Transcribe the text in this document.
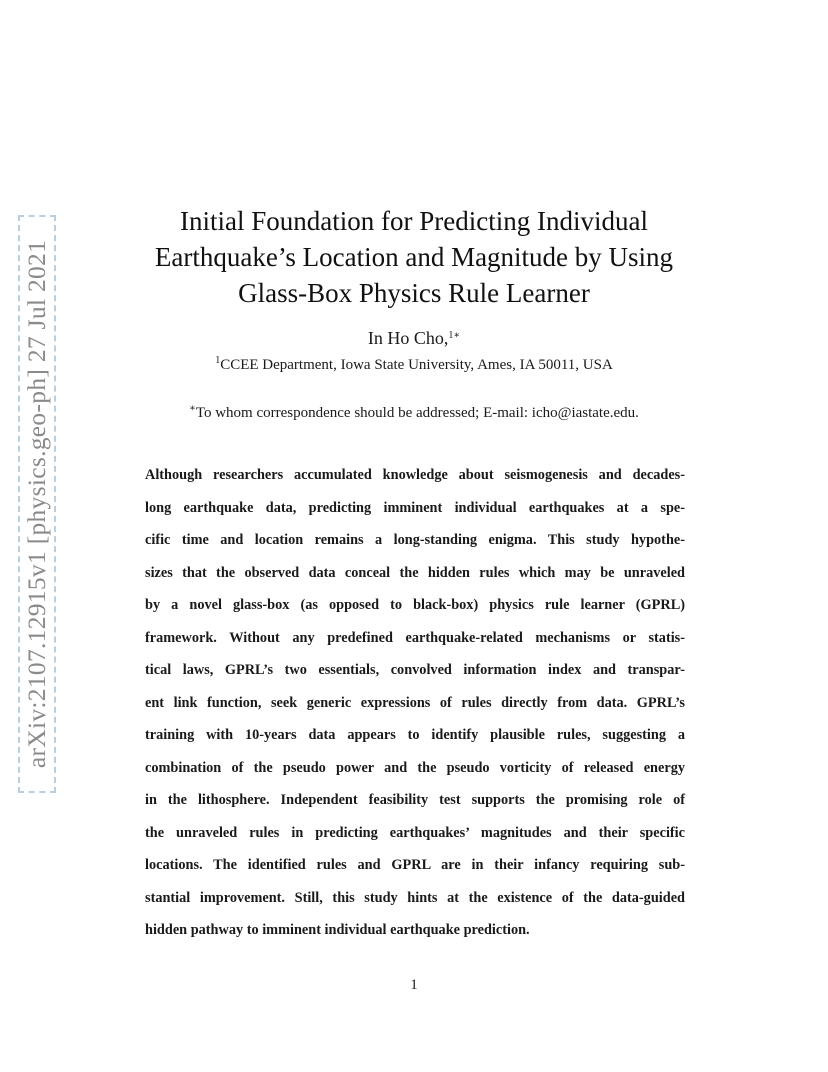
arXiv:2107.12915v1 [physics.geo-ph] 27 Jul 2021
Initial Foundation for Predicting Individual
Earthquake’s Location and Magnitude by Using
Glass-Box Physics Rule Learner
In Ho Cho,$^{1∗}$
$^1$CCEE Department, Iowa State University, Ames, IA 50011, USA
∗To whom correspondence should be addressed; E-mail: icho@iastate.edu.
Although researchers accumulated knowledge about seismogenesis and decades-
long earthquake data, predicting imminent individual earthquakes at a spe-
cific time and location remains a long-standing enigma. This study hypothe-
sizes that the observed data conceal the hidden rules which may be unraveled
by a novel glass-box (as opposed to black-box) physics rule learner (GPRL)
framework. Without any predefined earthquake-related mechanisms or statis-
tical laws, GPRL’s two essentials, convolved information index and transpar-
ent link function, seek generic expressions of rules directly from data. GPRL’s
training with 10-years data appears to identify plausible rules, suggesting a
combination of the pseudo power and the pseudo vorticity of released energy
in the lithosphere. Independent feasibility test supports the promising role of
the unraveled rules in predicting earthquakes’ magnitudes and their specific
locations. The identified rules and GPRL are in their infancy requiring sub-
stantial improvement. Still, this study hints at the existence of the data-guided
hidden pathway to imminent individual earthquake prediction.
1
